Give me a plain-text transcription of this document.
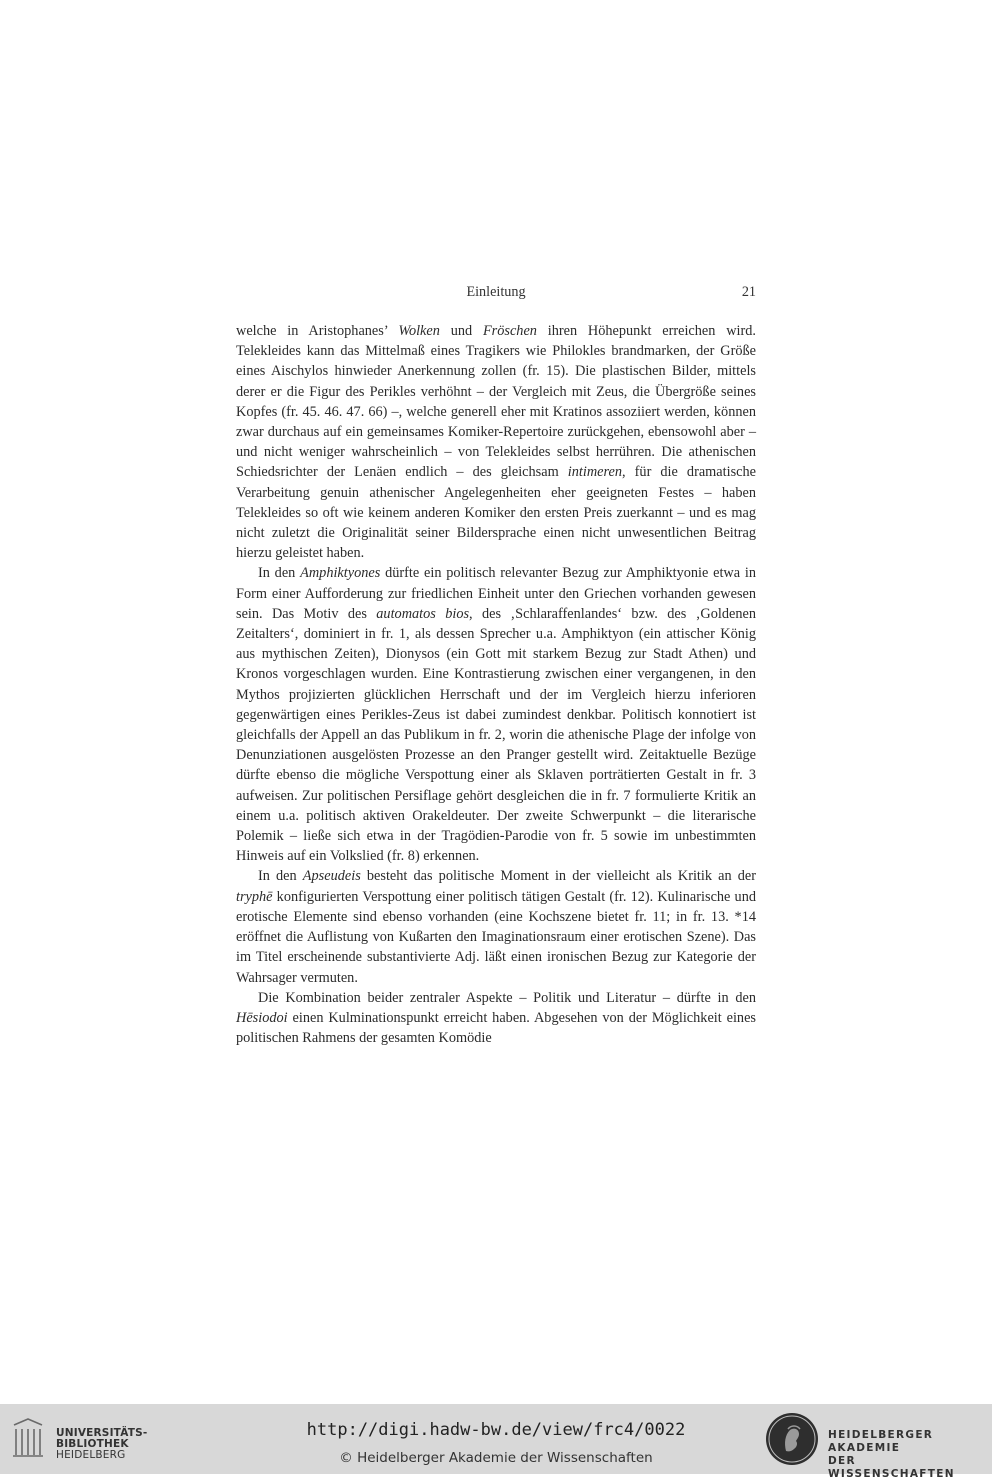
Einleitung	21

welche in Aristophanes’ Wolken und Fröschen ihren Höhepunkt erreichen wird. Telekleides kann das Mittelmaß eines Tragikers wie Philokles brandmarken, der Größe eines Aischylos hinwieder Anerkennung zollen (fr. 15). Die plastischen Bilder, mittels derer er die Figur des Perikles verhöhnt – der Vergleich mit Zeus, die Übergröße seines Kopfes (fr. 45. 46. 47. 66) –, welche generell eher mit Kratinos assoziiert werden, können zwar durchaus auf ein gemeinsames Komiker-Repertoire zurückgehen, ebensowohl aber – und nicht weniger wahrscheinlich – von Telekleides selbst herrühren. Die athenischen Schiedsrichter der Lenäen endlich – des gleichsam intimeren, für die dramatische Verarbeitung genuin athenischer Angelegenheiten eher geeigneten Festes – haben Telekleides so oft wie keinem anderen Komiker den ersten Preis zuerkannt – und es mag nicht zuletzt die Originalität seiner Bildersprache einen nicht unwesentlichen Beitrag hierzu geleistet haben.

In den Amphiktyones dürfte ein politisch relevanter Bezug zur Amphiktyonie etwa in Form einer Aufforderung zur friedlichen Einheit unter den Griechen vorhanden gewesen sein. Das Motiv des automatos bios, des ‚Schlaraffenlandes‘ bzw. des ‚Goldenen Zeitalters‘, dominiert in fr. 1, als dessen Sprecher u.a. Amphiktyon (ein attischer König aus mythischen Zeiten), Dionysos (ein Gott mit starkem Bezug zur Stadt Athen) und Kronos vorgeschlagen wurden. Eine Kontrastierung zwischen einer vergangenen, in den Mythos projizierten glücklichen Herrschaft und der im Vergleich hierzu inferioren gegenwärtigen eines Perikles-Zeus ist dabei zumindest denkbar. Politisch konnotiert ist gleichfalls der Appell an das Publikum in fr. 2, worin die athenische Plage der infolge von Denunziationen ausgelösten Prozesse an den Pranger gestellt wird. Zeitaktuelle Bezüge dürfte ebenso die mögliche Verspottung einer als Sklaven porträtierten Gestalt in fr. 3 aufweisen. Zur politischen Persiflage gehört desgleichen die in fr. 7 formulierte Kritik an einem u.a. politisch aktiven Orakeldeuter. Der zweite Schwerpunkt – die literarische Polemik – ließe sich etwa in der Tragödien-Parodie von fr. 5 sowie im unbestimmten Hinweis auf ein Volkslied (fr. 8) erkennen.

In den Apseudeis besteht das politische Moment in der vielleicht als Kritik an der tryphē konfigurierten Verspottung einer politisch tätigen Gestalt (fr. 12). Kulinarische und erotische Elemente sind ebenso vorhanden (eine Kochszene bietet fr. 11; in fr. 13. *14 eröffnet die Auflistung von Kußarten den Imaginationsraum einer erotischen Szene). Das im Titel erscheinende substantivierte Adj. läßt einen ironischen Bezug zur Kategorie der Wahrsager vermuten.

Die Kombination beider zentraler Aspekte – Politik und Literatur – dürfte in den Hēsiodoi einen Kulminationspunkt erreicht haben. Abgesehen von der Möglichkeit eines politischen Rahmens der gesamten Komödie

UNIVERSITÄTS-
BIBLIOTHEK
HEIDELBERG
http://digi.hadw-bw.de/view/frc4/0022
© Heidelberger Akademie der Wissenschaften
HEIDELBERGER AKADEMIE
DER WISSENSCHAFTEN
